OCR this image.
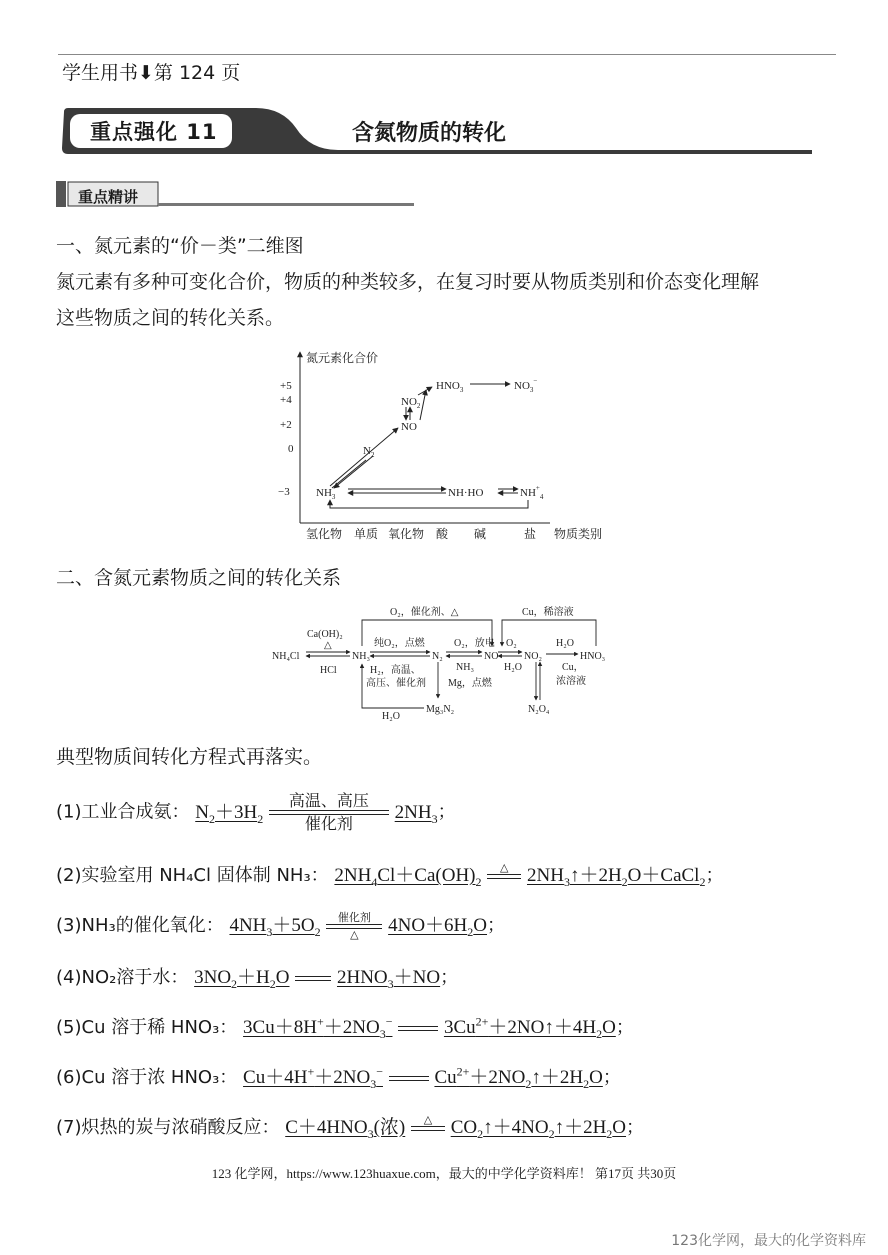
学生用书⬇第 124 页
重点强化 11	含氮物质的转化
重点精讲
一、氮元素的“价－类”二维图
氮元素有多种可变化合价，物质的种类较多，在复习时要从物质类别和价态变化理解
这些物质之间的转化关系。
氮元素化合价
+5
+4
+2
0
−3
氢化物 单质 氧化物 酸 碱	盐 物质类别
$HNO_3$	$NO_3^-$
$NO_2$
NO
$N_2$
$NH_3$	NH·HO	$NH^+_4$
二、含氮元素物质之间的转化关系
NH₄Cl
Ca(OH)₂
△
HCl
NH₃
O₂，催化剂、△
纯O₂，点燃
N₂
H₂，高温、
高压、催化剂
O₂，放电
NH₃
Mg，点燃
NO
O₂
H₂O
NO₂
H₂O
HNO₃
Cu，稀溶液
Cu，
浓溶液
N₂O₄
Mg₃N₂
H₂O
典型物质间转化方程式再落实。
(1)工业合成氨： $N_2+3H_2$
高温、高压
催化剂
$2NH_3$；
(2)实验室用 NH₄Cl 固体制 NH₃： $2NH_4Cl+Ca(OH)_2$
△
$2NH_3↑+2H_2O+CaCl_2$；
(3)NH₃的催化氧化： $4NH_3+5O_2$
催化剂
△	$4NO+6H_2O$；
(4)NO₂溶于水： $3NO_2+H_2O$ $2HNO_3+NO$；
(5)Cu 溶于稀 HNO₃： $3Cu+8H^++2NO_3^-$	$3Cu^{2+}+2NO↑+4H_2O$；
(6)Cu 溶于浓 HNO₃： $Cu+4H^++2NO_3^-$	$Cu^{2+}+2NO_2↑+2H_2O$；
(7)炽热的炭与浓硝酸反应： $C+4HNO_3$(浓)	△
$CO_2↑+4NO_2↑+2H_2O$；
123 化学网，https://www.123huaxue.com，最大的中学化学资料库！ 第17页 共30页
123化学网，最大的化学资料库
